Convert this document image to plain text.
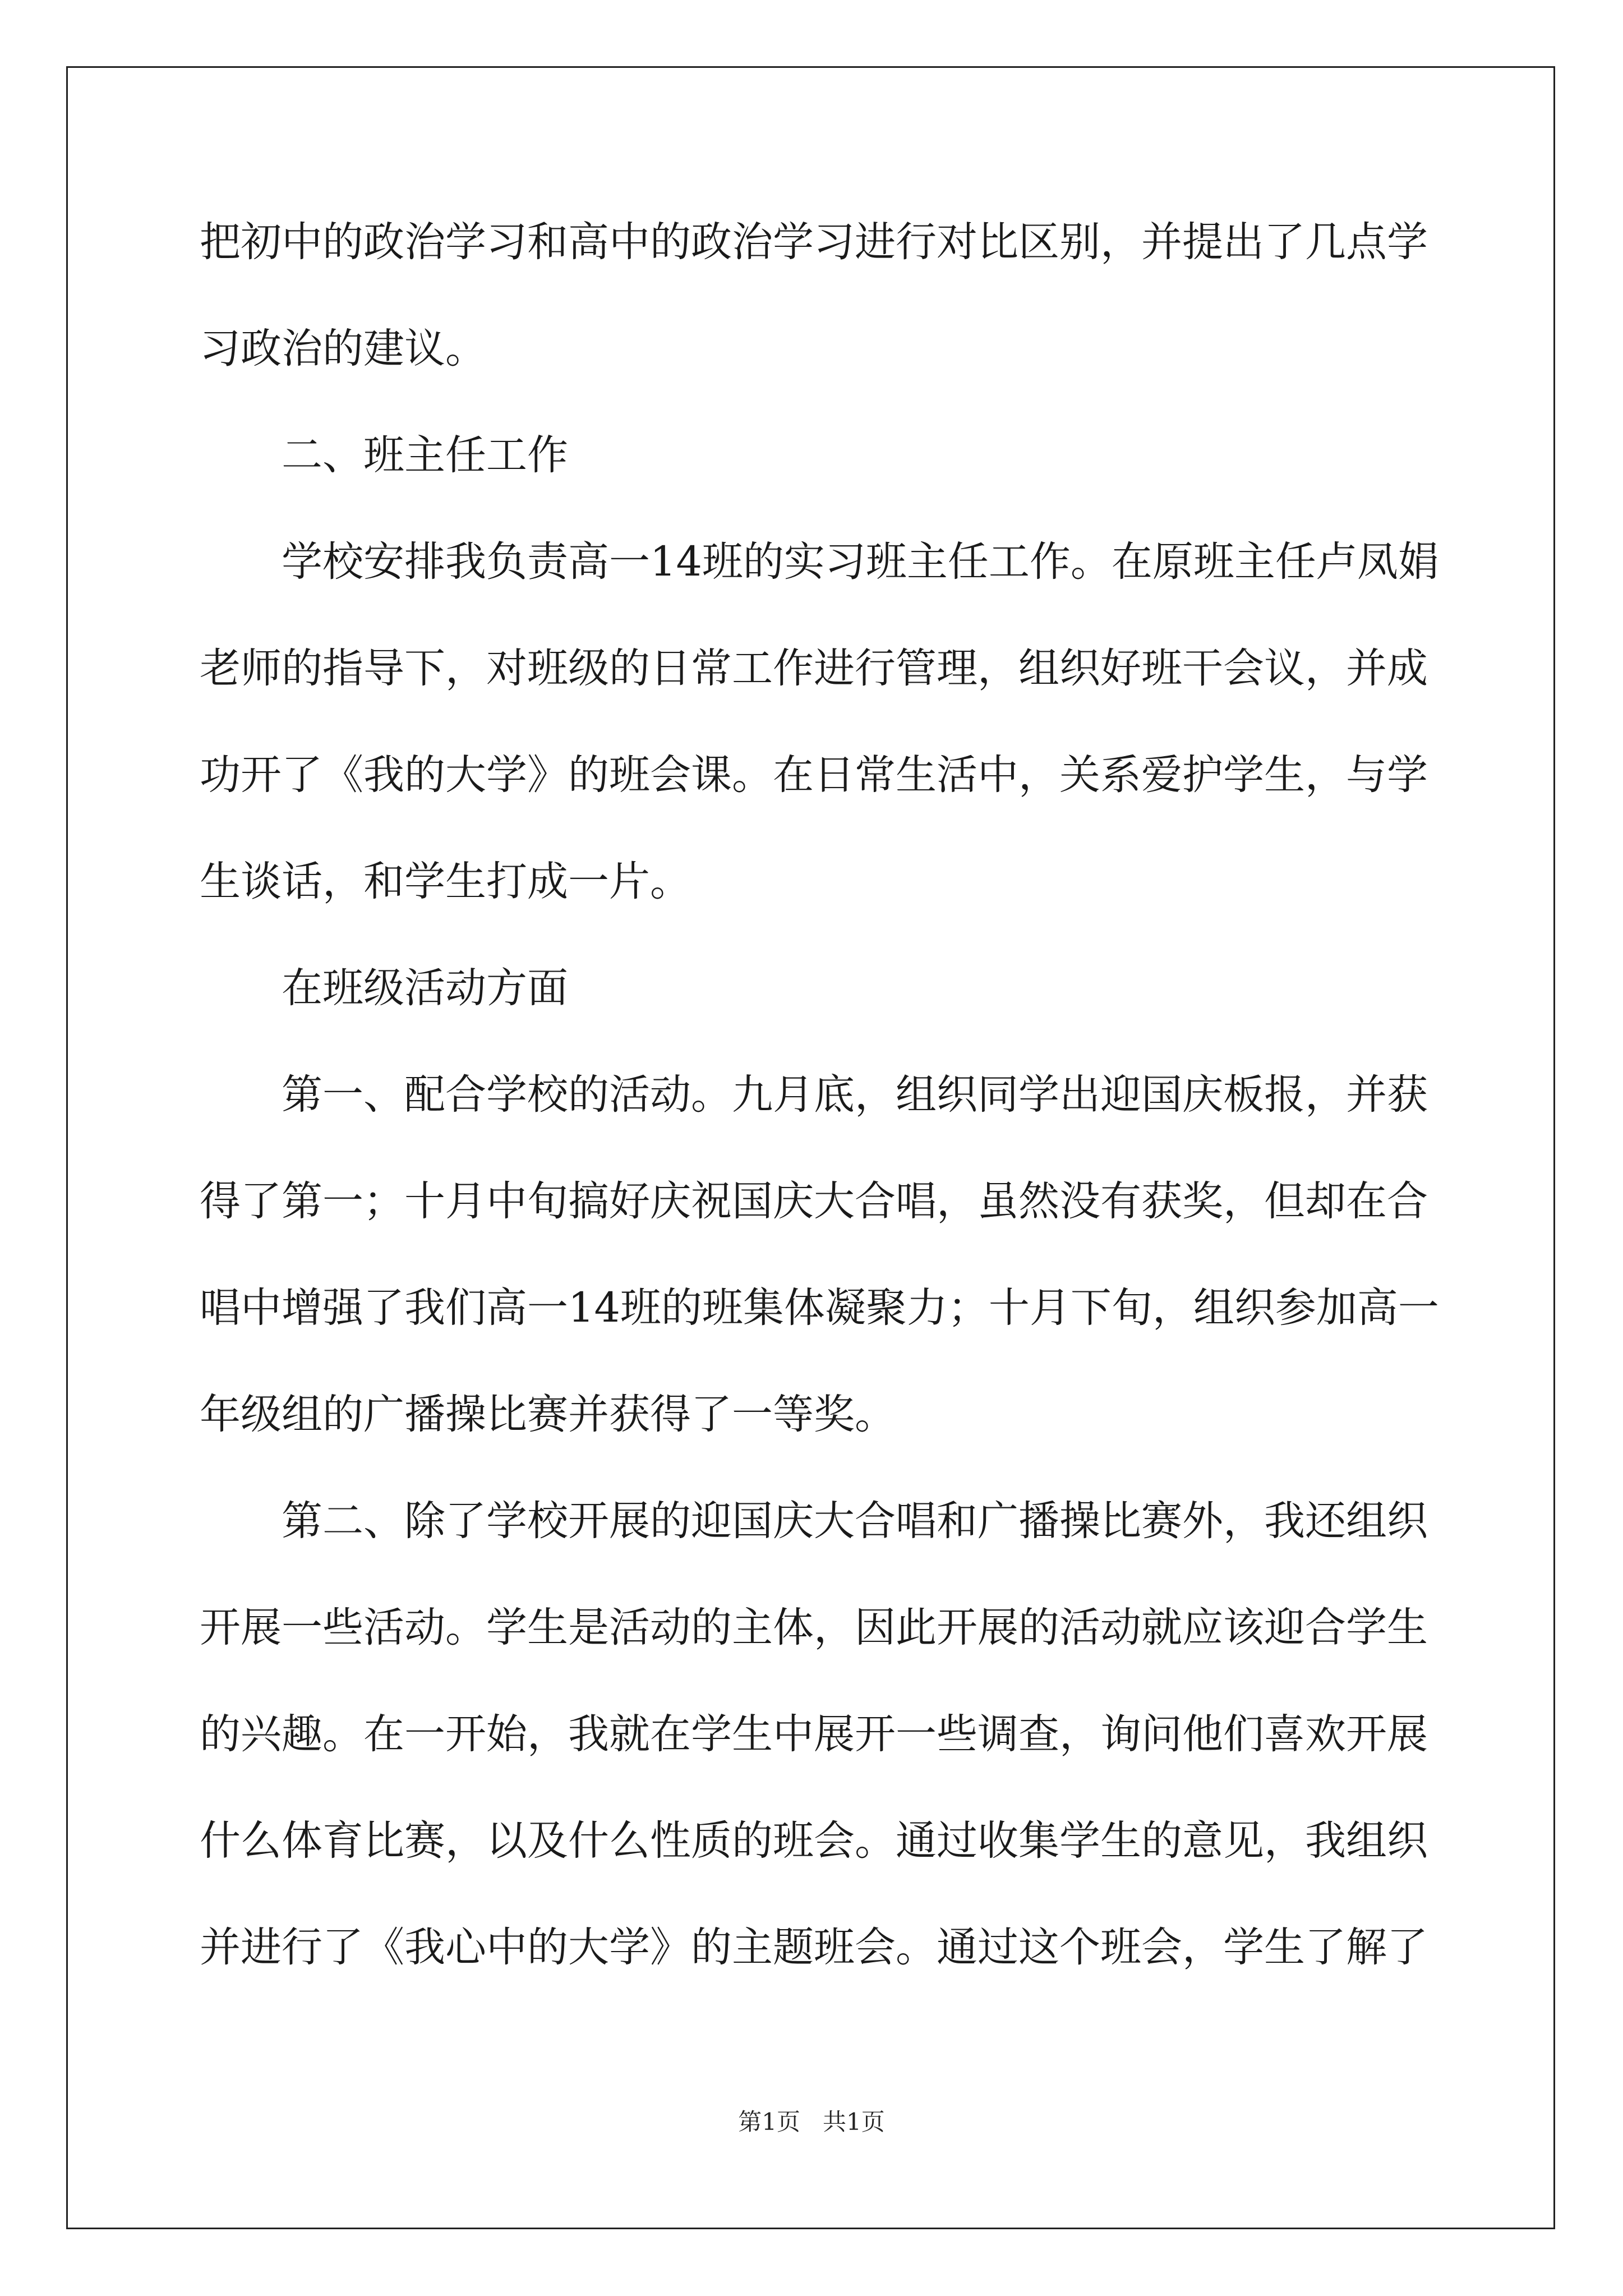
把初中的政治学习和高中的政治学习进行对比区别，并提出了几点学
习政治的建议。
二、班主任工作
学校安排我负责高一14班的实习班主任工作。在原班主任卢凤娟
老师的指导下，对班级的日常工作进行管理，组织好班干会议，并成
功开了《我的大学》的班会课。在日常生活中，关系爱护学生，与学
生谈话，和学生打成一片。
在班级活动方面
第一、配合学校的活动。九月底，组织同学出迎国庆板报，并获
得了第一；十月中旬搞好庆祝国庆大合唱，虽然没有获奖，但却在合
唱中增强了我们高一14班的班集体凝聚力；十月下旬，组织参加高一
年级组的广播操比赛并获得了一等奖。
第二、除了学校开展的迎国庆大合唱和广播操比赛外，我还组织
开展一些活动。学生是活动的主体，因此开展的活动就应该迎合学生
的兴趣。在一开始，我就在学生中展开一些调查，询问他们喜欢开展
什么体育比赛，以及什么性质的班会。通过收集学生的意见，我组织
并进行了《我心中的大学》的主题班会。通过这个班会，学生了解了
第1页   共1页
